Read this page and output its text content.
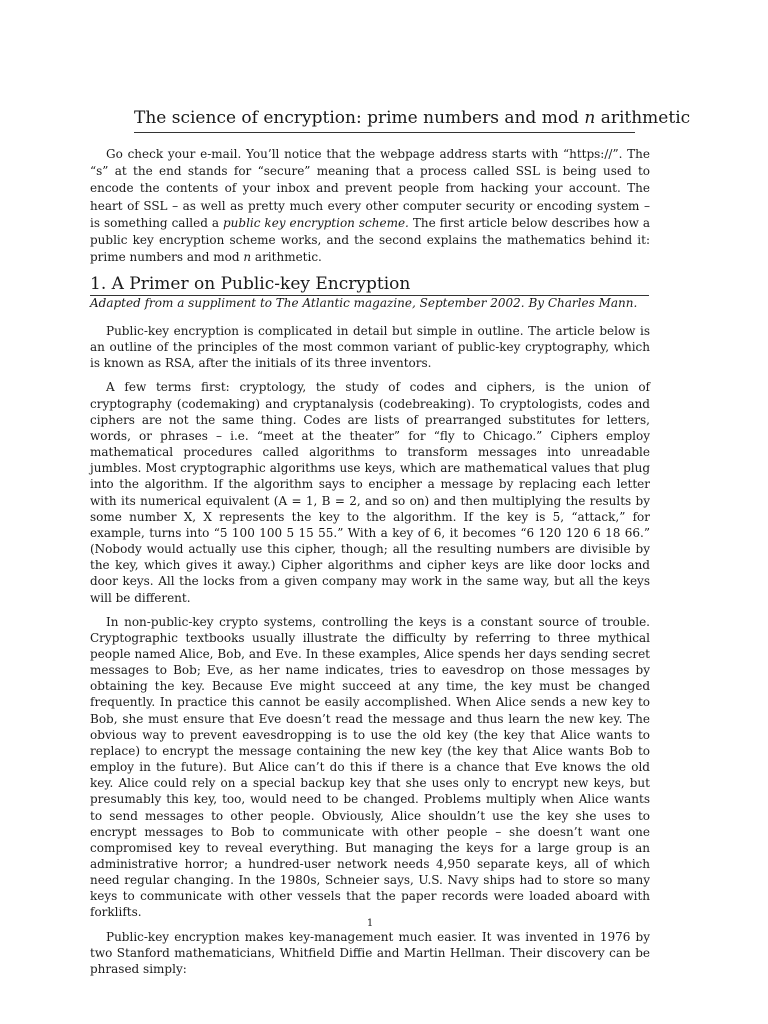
The science of encryption: prime numbers and mod n arithmetic
Go check your e-mail. You’ll notice that the webpage address starts with “https://”. The “s” at the end stands for “secure” meaning that a process called SSL is being used to encode the contents of your inbox and prevent people from hacking your account. The heart of SSL – as well as pretty much every other computer security or encoding system – is something called a public key encryption scheme. The first article below describes how a public key encryption scheme works, and the second explains the mathematics behind it: prime numbers and mod n arithmetic.
1. A Primer on Public-key Encryption
Adapted from a suppliment to The Atlantic magazine, September 2002. By Charles Mann.

Public-key encryption is complicated in detail but simple in outline. The article below is an outline of the principles of the most common variant of public-key cryptography, which is known as RSA, after the initials of its three inventors.

A few terms first: cryptology, the study of codes and ciphers, is the union of cryptography (codemaking) and cryptanalysis (codebreaking). To cryptologists, codes and ciphers are not the same thing. Codes are lists of prearranged substitutes for letters, words, or phrases – i.e. “meet at the theater” for “fly to Chicago.” Ciphers employ mathematical procedures called algorithms to transform messages into unreadable jumbles. Most cryptographic algorithms use keys, which are mathematical values that plug into the algorithm. If the algorithm says to encipher a message by replacing each letter with its numerical equivalent (A = 1, B = 2, and so on) and then multiplying the results by some number X, X represents the key to the algorithm. If the key is 5, “attack,” for example, turns into “5 100 100 5 15 55.” With a key of 6, it becomes “6 120 120 6 18 66.” (Nobody would actually use this cipher, though; all the resulting numbers are divisible by the key, which gives it away.) Cipher algorithms and cipher keys are like door locks and door keys. All the locks from a given company may work in the same way, but all the keys will be different.

In non-public-key crypto systems, controlling the keys is a constant source of trouble. Cryptographic textbooks usually illustrate the difficulty by referring to three mythical people named Alice, Bob, and Eve. In these examples, Alice spends her days sending secret messages to Bob; Eve, as her name indicates, tries to eavesdrop on those messages by obtaining the key. Because Eve might succeed at any time, the key must be changed frequently. In practice this cannot be easily accomplished. When Alice sends a new key to Bob, she must ensure that Eve doesn’t read the message and thus learn the new key. The obvious way to prevent eavesdropping is to use the old key (the key that Alice wants to replace) to encrypt the message containing the new key (the key that Alice wants Bob to employ in the future). But Alice can’t do this if there is a chance that Eve knows the old key. Alice could rely on a special backup key that she uses only to encrypt new keys, but presumably this key, too, would need to be changed. Problems multiply when Alice wants to send messages to other people. Obviously, Alice shouldn’t use the key she uses to encrypt messages to Bob to communicate with other people – she doesn’t want one compromised key to reveal everything. But managing the keys for a large group is an administrative horror; a hundred-user network needs 4,950 separate keys, all of which need regular changing. In the 1980s, Schneier says, U.S. Navy ships had to store so many keys to communicate with other vessels that the paper records were loaded aboard with forklifts.

Public-key encryption makes key-management much easier. It was invented in 1976 by two Stanford mathematicians, Whitfield Diffie and Martin Hellman. Their discovery can be phrased simply:

1
